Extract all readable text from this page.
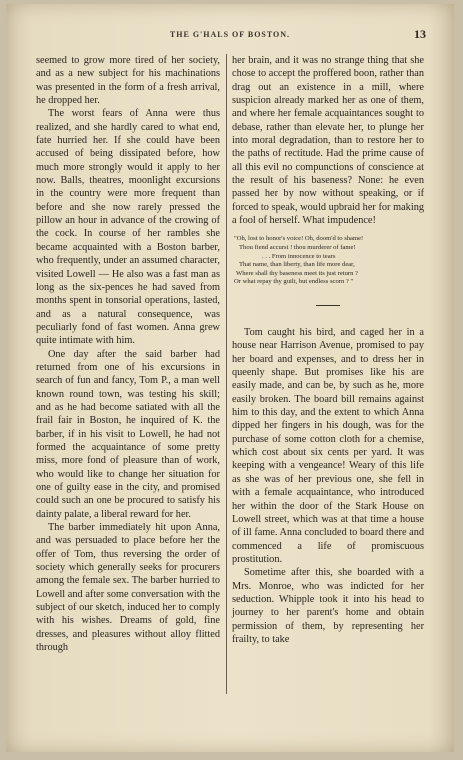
THE G'HALS OF BOSTON.	13

seemed to grow more tired of her society, and as a new subject for his machinations was presented in the form of a fresh arrival, he dropped her.

The worst fears of Anna were thus realized, and she hardly cared to what end, fate hurried her. If she could have been accused of being dissipated before, how much more strongly would it apply to her now. Balls, theatres, moonlight excursions in the country were more frequent than before and she now rarely pressed the pillow an hour in advance of the crowing of the cock. In course of her rambles she became acquainted with a Boston barber, who frequently, under an assumed character, visited Lowell — He also was a fast man as long as the six-pences he had saved from months spent in tonsorial operations, lasted, and as a natural consequence, was peculiarly fond of fast women. Anna grew quite intimate with him.

One day after the said barber had returned from one of his excursions in search of fun and fancy, Tom P., a man well known round town, was testing his skill; and as he had become satiated with all the frail fair in Boston, he inquired of K. the barber, if in his visit to Lowell, he had not formed the acquaintance of some pretty miss, more fond of pleasure than of work, who would like to change her situation for one of guilty ease in the city, and promised could such an one be procured to satisfy his dainty palate, a liberal reward for her.

The barber immediately hit upon Anna, and was persuaded to place before her the offer of Tom, thus reversing the order of society which generally seeks for procurers among the female sex. The barber hurried to Lowell and after some conversation with the subject of our sketch, induced her to comply with his wishes. Dreams of gold, fine dresses, and pleasures without alloy flitted through

her brain, and it was no strange thing that she chose to accept the proffered boon, rather than drag out an existence in a mill, where suspicion already marked her as one of them, and where her female acquaintances sought to debase, rather than elevate her, to plunge her into moral degradation, than to restore her to the paths of rectitude. Had the prime cause of all this evil no compunctions of conscience at the result of his baseness? None: he even passed her by now without speaking, or if forced to speak, would upbraid her for making a fool of herself. What impudence!

"Oh, lost to honor's voice! Oh, doom'd to shame!
Thou fiend accurst ! thou murderer of fame!
. . . From innocence to tears
That name, than liberty, than life more dear,
Where shall thy baseness meet its just return ?
Or what repay thy guilt, but endless scorn ? "

Tom caught his bird, and caged her in a house near Harrison Avenue, promised to pay her board and expenses, and to dress her in queenly shape. But promises like his are easily made, and can be, by such as he, more easily broken. The board bill remains against him to this day, and the extent to which Anna dipped her fingers in his dough, was for the purchase of some cotton cloth for a chemise, which cost about six cents per yard. It was keeping with a vengeance! Weary of this life as she was of her previous one, she fell in with a female acquaintance, who introduced her within the door of the Stark House on Lowell street, which was at that time a house of ill fame. Anna concluded to board there and commenced a life of promiscuous prostitution.

Sometime after this, she boarded with a Mrs. Monroe, who was indicted for her seduction. Whipple took it into his head to journey to her parent's home and obtain permission of them, by representing her frailty, to take
